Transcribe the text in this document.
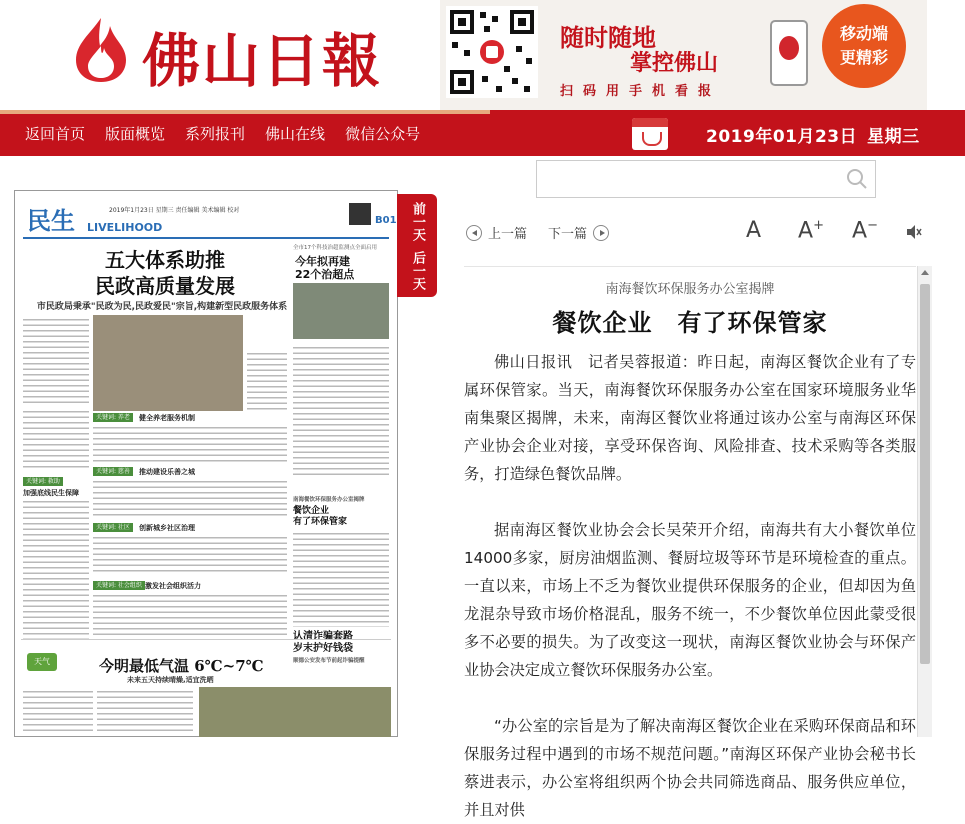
佛山日報	随时随地
掌控佛山
扫码用手机看报
移动端
更精彩
返回首页 版面概览 系列报刊 佛山在线 微信公众号	2019年01月23日 星期三
民生 LIVELIHOOD
2019年1月23日 星期三 责任编辑 美术编辑 校对
B01
五大体系助推
民政高质量发展
市民政局秉承"民政为民,民政爱民"宗旨,构建新型民政服务体系
全市17个科技治超监测点全面启用
今年拟再建
22个治超点
关键词: 养老	健全养老服务机制
关键词: 慈善	推动建设乐善之城
关键词: 救助
加强底线民生保障
南海餐饮环保服务办公室揭牌
餐饮企业
有了环保管家
关键词: 社区	创新城乡社区治理
关键词: 社会组织 激发社会组织活力
认清诈骗套路
岁末护好钱袋
顺德公安发布节前起诈骗提醒
天气	今明最低气温 6℃~7℃
未来五天持续晴燥,适宜洗晒
前一天
后一天
上一篇 下一篇	A A+ A−
南海餐饮环保服务办公室揭牌
餐饮企业　有了环保管家

佛山日报讯　记者吴蓉报道：昨日起，南海区餐饮企业有了专属环保管家。当天，南海餐饮环保服务办公室在国家环境服务业华南集聚区揭牌，未来，南海区餐饮业将通过该办公室与南海区环保产业协会企业对接，享受环保咨询、风险排查、技术采购等各类服务，打造绿色餐饮品牌。

据南海区餐饮业协会会长吴荣开介绍，南海共有大小餐饮单位14000多家，厨房油烟监测、餐厨垃圾等环节是环境检查的重点。一直以来，市场上不乏为餐饮业提供环保服务的企业，但却因为鱼龙混杂导致市场价格混乱，服务不统一，不少餐饮单位因此蒙受很多不必要的损失。为了改变这一现状，南海区餐饮业协会与环保产业协会决定成立餐饮环保服务办公室。

“办公室的宗旨是为了解决南海区餐饮企业在采购环保商品和环保服务过程中遇到的市场不规范问题。”南海区环保产业协会秘书长蔡进表示，办公室将组织两个协会共同筛选商品、服务供应单位，并且对供
